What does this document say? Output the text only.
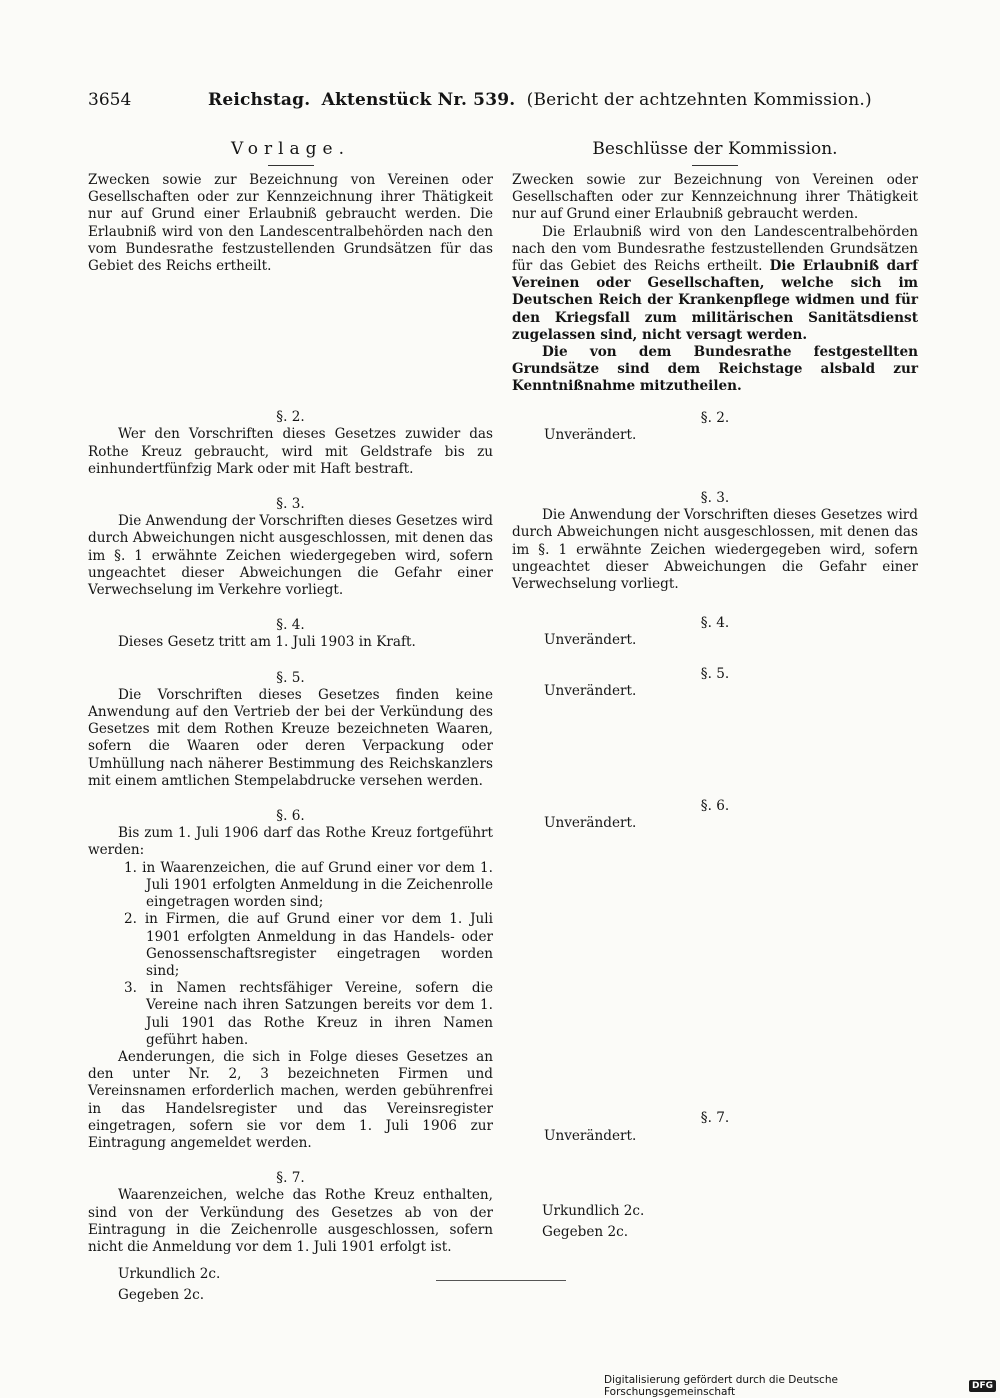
3654	Reichstag. Aktenstück Nr. 539. (Bericht der achtzehnten Kommission.)
Vorlage.

Zwecken sowie zur Bezeichnung von Vereinen oder Gesellschaften oder zur Kennzeichnung ihrer Thätigkeit nur auf Grund einer Erlaubniß gebraucht werden. Die Erlaubniß wird von den Landescentralbehörden nach den vom Bundesrathe festzustellenden Grundsätzen für das Gebiet des Reichs ertheilt.

§. 2.

Wer den Vorschriften dieses Gesetzes zuwider das Rothe Kreuz gebraucht, wird mit Geldstrafe bis zu einhundertfünfzig Mark oder mit Haft bestraft.

§. 3.

Die Anwendung der Vorschriften dieses Gesetzes wird durch Abweichungen nicht ausgeschlossen, mit denen das im §. 1 erwähnte Zeichen wiedergegeben wird, sofern ungeachtet dieser Abweichungen die Gefahr einer Verwechselung im Verkehre vorliegt.

§. 4.

Dieses Gesetz tritt am 1. Juli 1903 in Kraft.

§. 5.

Die Vorschriften dieses Gesetzes finden keine Anwendung auf den Vertrieb der bei der Verkündung des Gesetzes mit dem Rothen Kreuze bezeichneten Waaren, sofern die Waaren oder deren Verpackung oder Umhüllung nach näherer Bestimmung des Reichskanzlers mit einem amtlichen Stempelabdrucke versehen werden.

§. 6.

Bis zum 1. Juli 1906 darf das Rothe Kreuz fortgeführt werden:

1. in Waarenzeichen, die auf Grund einer vor dem 1. Juli 1901 erfolgten Anmeldung in die Zeichenrolle eingetragen worden sind;
2. in Firmen, die auf Grund einer vor dem 1. Juli 1901 erfolgten Anmeldung in das Handels- oder Genossenschaftsregister eingetragen worden sind;
3. in Namen rechtsfähiger Vereine, sofern die Vereine nach ihren Satzungen bereits vor dem 1. Juli 1901 das Rothe Kreuz in ihren Namen geführt haben.

Aenderungen, die sich in Folge dieses Gesetzes an den unter Nr. 2, 3 bezeichneten Firmen und Vereinsnamen erforderlich machen, werden gebührenfrei in das Handelsregister und das Vereinsregister eingetragen, sofern sie vor dem 1. Juli 1906 zur Eintragung angemeldet werden.

§. 7.

Waarenzeichen, welche das Rothe Kreuz enthalten, sind von der Verkündung des Gesetzes ab von der Eintragung in die Zeichenrolle ausgeschlossen, sofern nicht die Anmeldung vor dem 1. Juli 1901 erfolgt ist.

Urkundlich 2c.

Gegeben 2c.

Beschlüsse der Kommission.

Zwecken sowie zur Bezeichnung von Vereinen oder Gesellschaften oder zur Kennzeichnung ihrer Thätigkeit nur auf Grund einer Erlaubniß gebraucht werden.

Die Erlaubniß wird von den Landescentralbehörden nach den vom Bundesrathe festzustellenden Grundsätzen für das Gebiet des Reichs ertheilt. Die Erlaubniß darf Vereinen oder Gesellschaften, welche sich im Deutschen Reich der Krankenpflege widmen und für den Kriegsfall zum militärischen Sanitätsdienst zugelassen sind, nicht versagt werden.

Die von dem Bundesrathe festgestellten Grundsätze sind dem Reichstage alsbald zur Kenntnißnahme mitzutheilen.

§. 2.

Unverändert.

§. 3.

Die Anwendung der Vorschriften dieses Gesetzes wird durch Abweichungen nicht ausgeschlossen, mit denen das im §. 1 erwähnte Zeichen wiedergegeben wird, sofern ungeachtet dieser Abweichungen die Gefahr einer Verwechselung vorliegt.

§. 4.

Unverändert.

§. 5.

Unverändert.

§. 6.

Unverändert.

§. 7.

Unverändert.

Urkundlich 2c.

Gegeben 2c.

Digitalisierung gefördert durch die Deutsche Forschungsgemeinschaft	DFG
